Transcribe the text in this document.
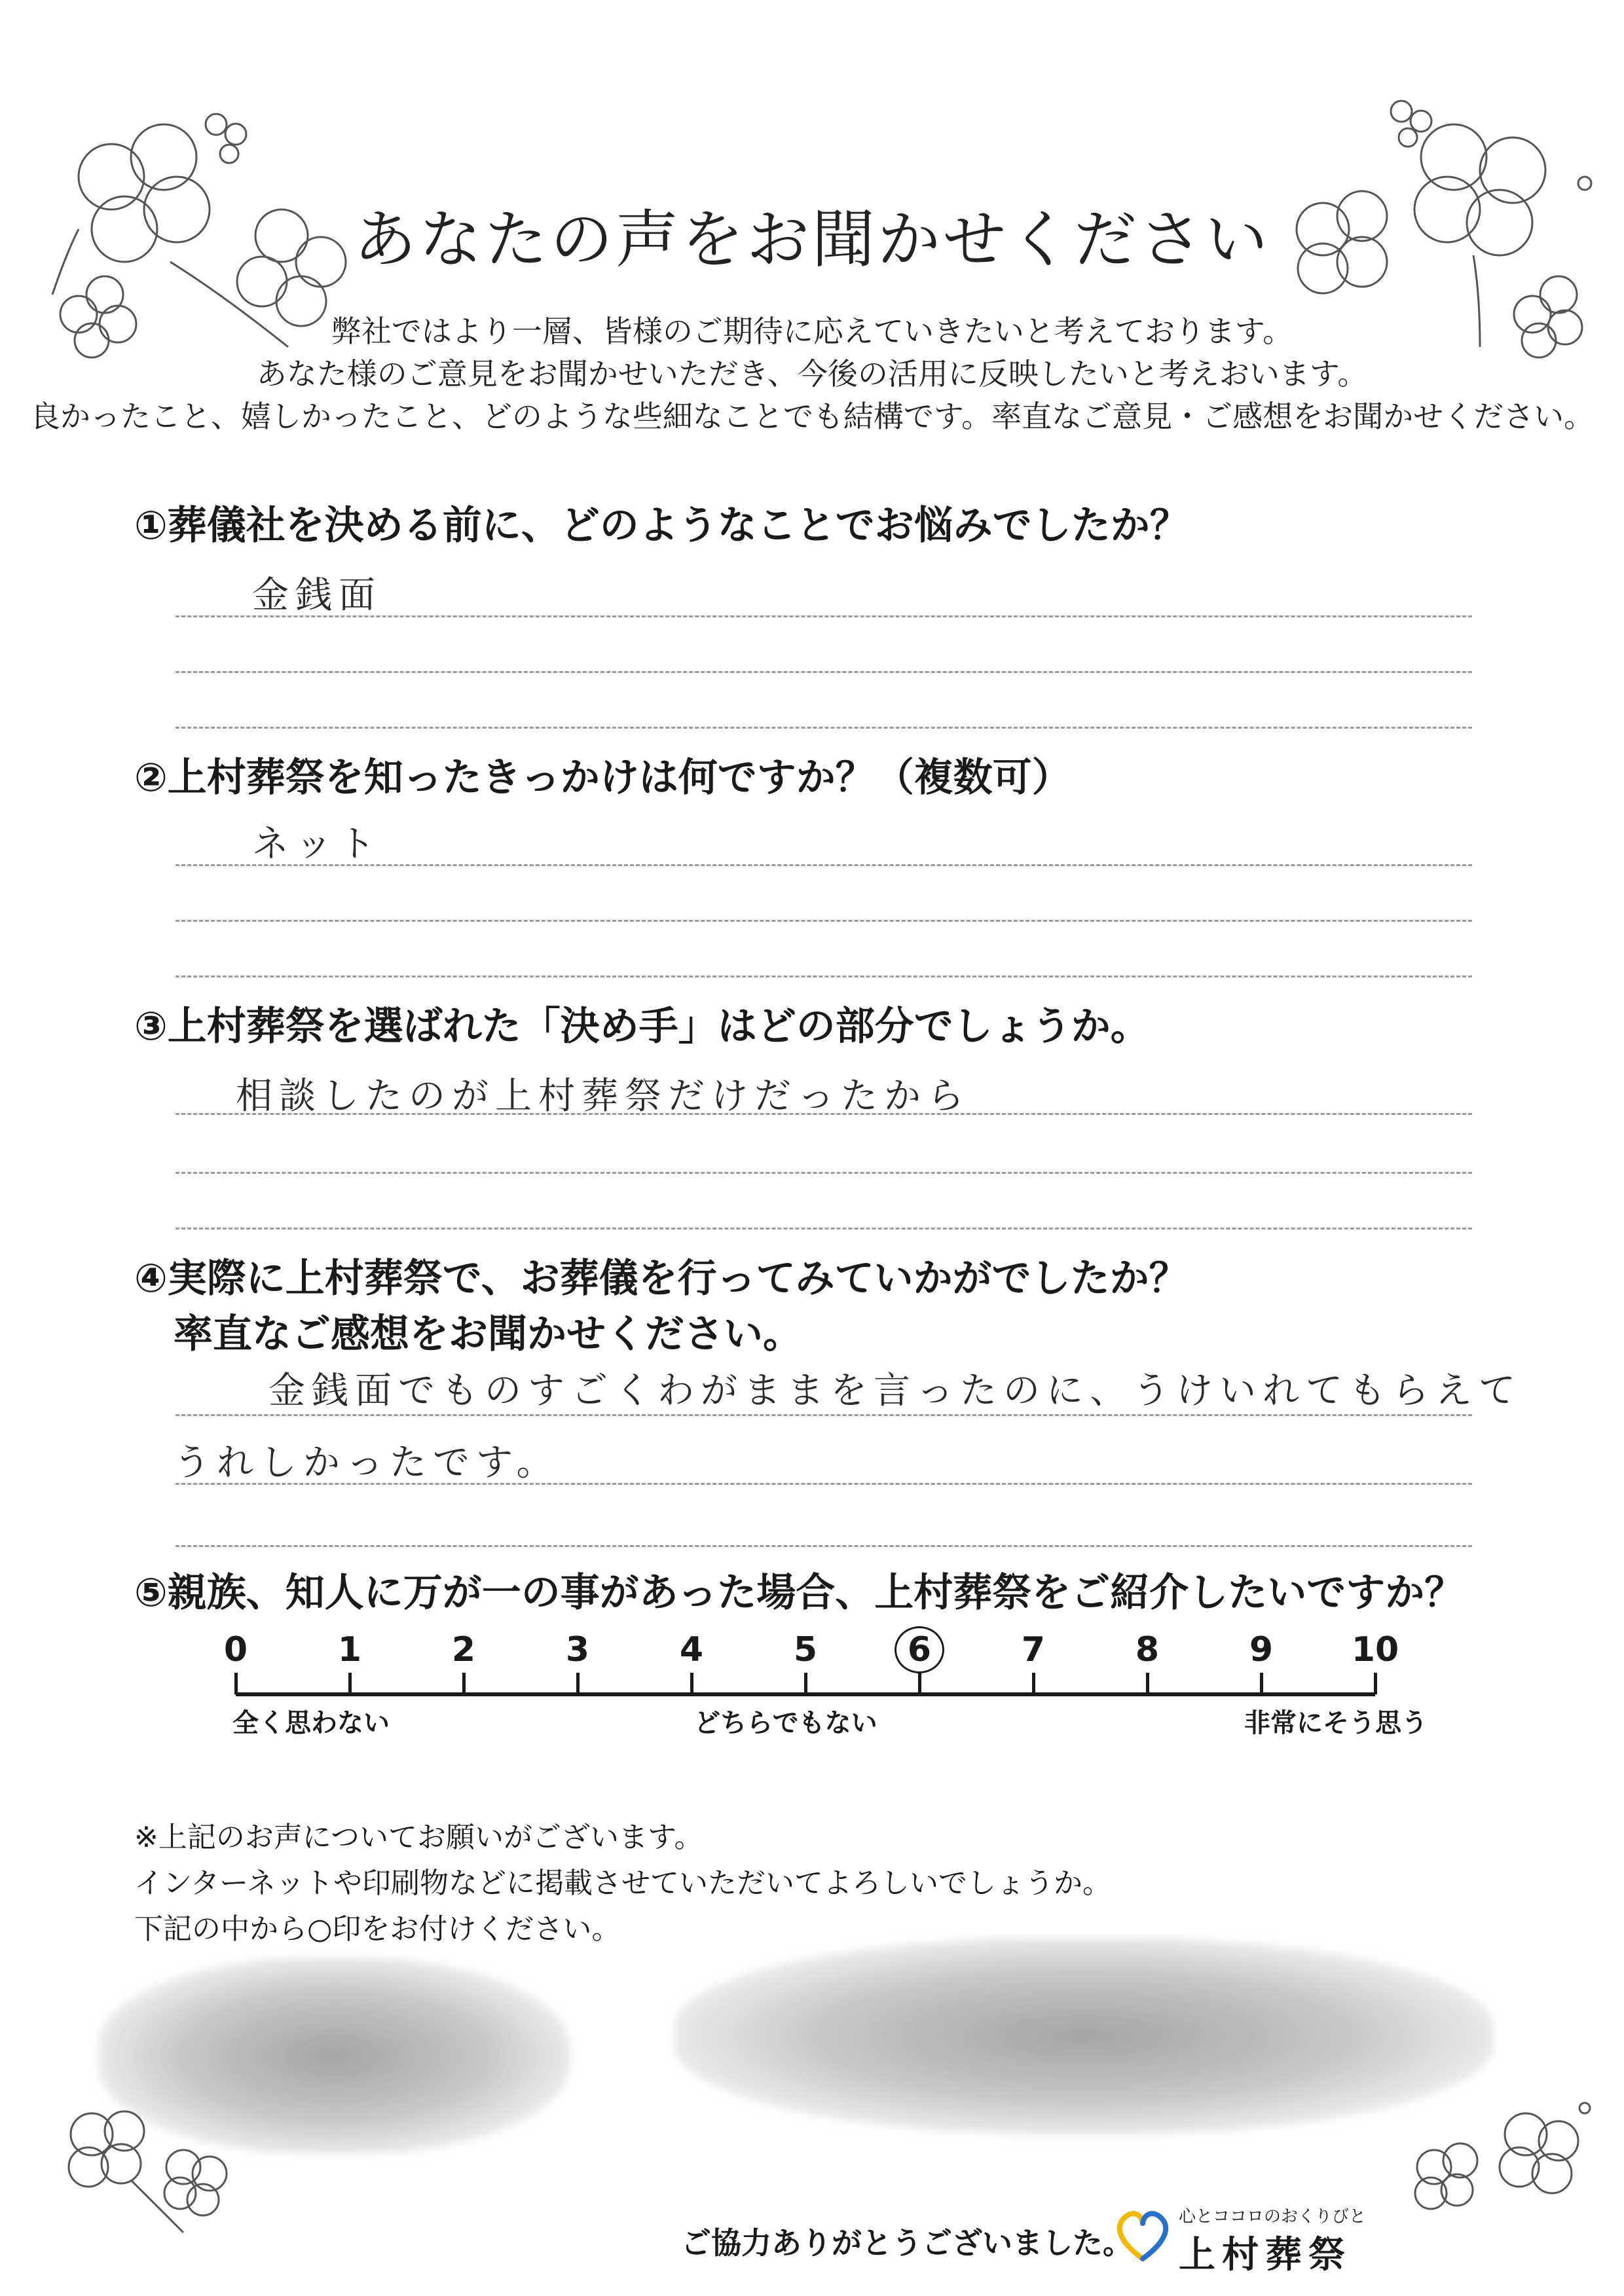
あなたの声をお聞かせください
弊社ではより一層、皆様のご期待に応えていきたいと考えております。
あなた様のご意見をお聞かせいただき、今後の活用に反映したいと考えおいます。
良かったこと、嬉しかったこと、どのような些細なことでも結構です。率直なご意見・ご感想をお聞かせください。
①葬儀社を決める前に、どのようなことでお悩みでしたか？
金銭面
②上村葬祭を知ったきっかけは何ですか？（複数可）
ネット
③上村葬祭を選ばれた「決め手」はどの部分でしょうか。
相談したのが上村葬祭だけだったから
④実際に上村葬祭で、お葬儀を行ってみていかがでしたか？
率直なご感想をお聞かせください。
金銭面でものすごくわがままを言ったのに、うけいれてもらえて
うれしかったです。
⑤親族、知人に万が一の事があった場合、上村葬祭をご紹介したいですか？
0	1	2	3	4	5	6	7	8	9	10
全く思わない	どちらでもない	非常にそう思う
※上記のお声についてお願いがございます。
インターネットや印刷物などに掲載させていただいてよろしいでしょうか。
下記の中から○印をお付けください。
ご協力ありがとうございました。
心とココロのおくりびと
上村葬祭
